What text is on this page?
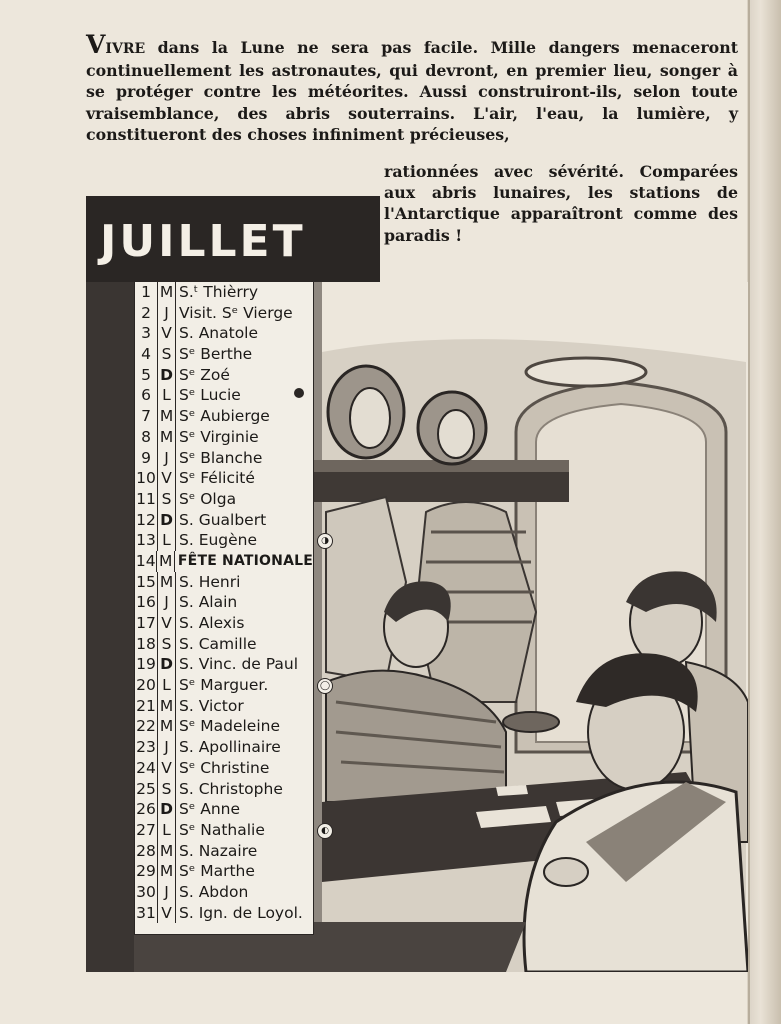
VIVRE dans la Lune ne sera pas facile. Mille dangers menaceront continuellement les astronautes, qui devront, en premier lieu, songer à se protéger contre les météorites. Aussi construiront-ils, selon toute vraisemblance, des abris souterrains. L'air, l'eau, la lumière, y constitueront des choses infiniment précieuses,

rationnées avec sévérité. Comparées aux abris lunaires, les stations de l'Antarctique apparaîtront comme des paradis !

JUILLET
1 M S.ᵗ Thièrry
2 J Visit. Sᵉ Vierge
3 V S. Anatole
4 S Sᵉ Berthe
5 D Sᵉ Zoé
6 L Sᵉ Lucie
7 M Sᵉ Aubierge
8 M Sᵉ Virginie
9 J Sᵉ Blanche
10 V Sᵉ Félicité
11 S Sᵉ Olga
12 D S. Gualbert
13 L S. Eugène	◑
14 M FÊTE NATIONALE
15 M S. Henri
16 J S. Alain
17 V S. Alexis
18 S S. Camille
19 D S. Vinc. de Paul
20 L Sᵉ Marguer.	◯
21 M S. Victor
22 M Sᵉ Madeleine
23 J S. Apollinaire
24 V Sᵉ Christine
25 S S. Christophe
26 D Sᵉ Anne
27 L Sᵉ Nathalie	◐
28 M S. Nazaire
29 M Sᵉ Marthe
30 J S. Abdon
31 V S. Ign. de Loyol.
